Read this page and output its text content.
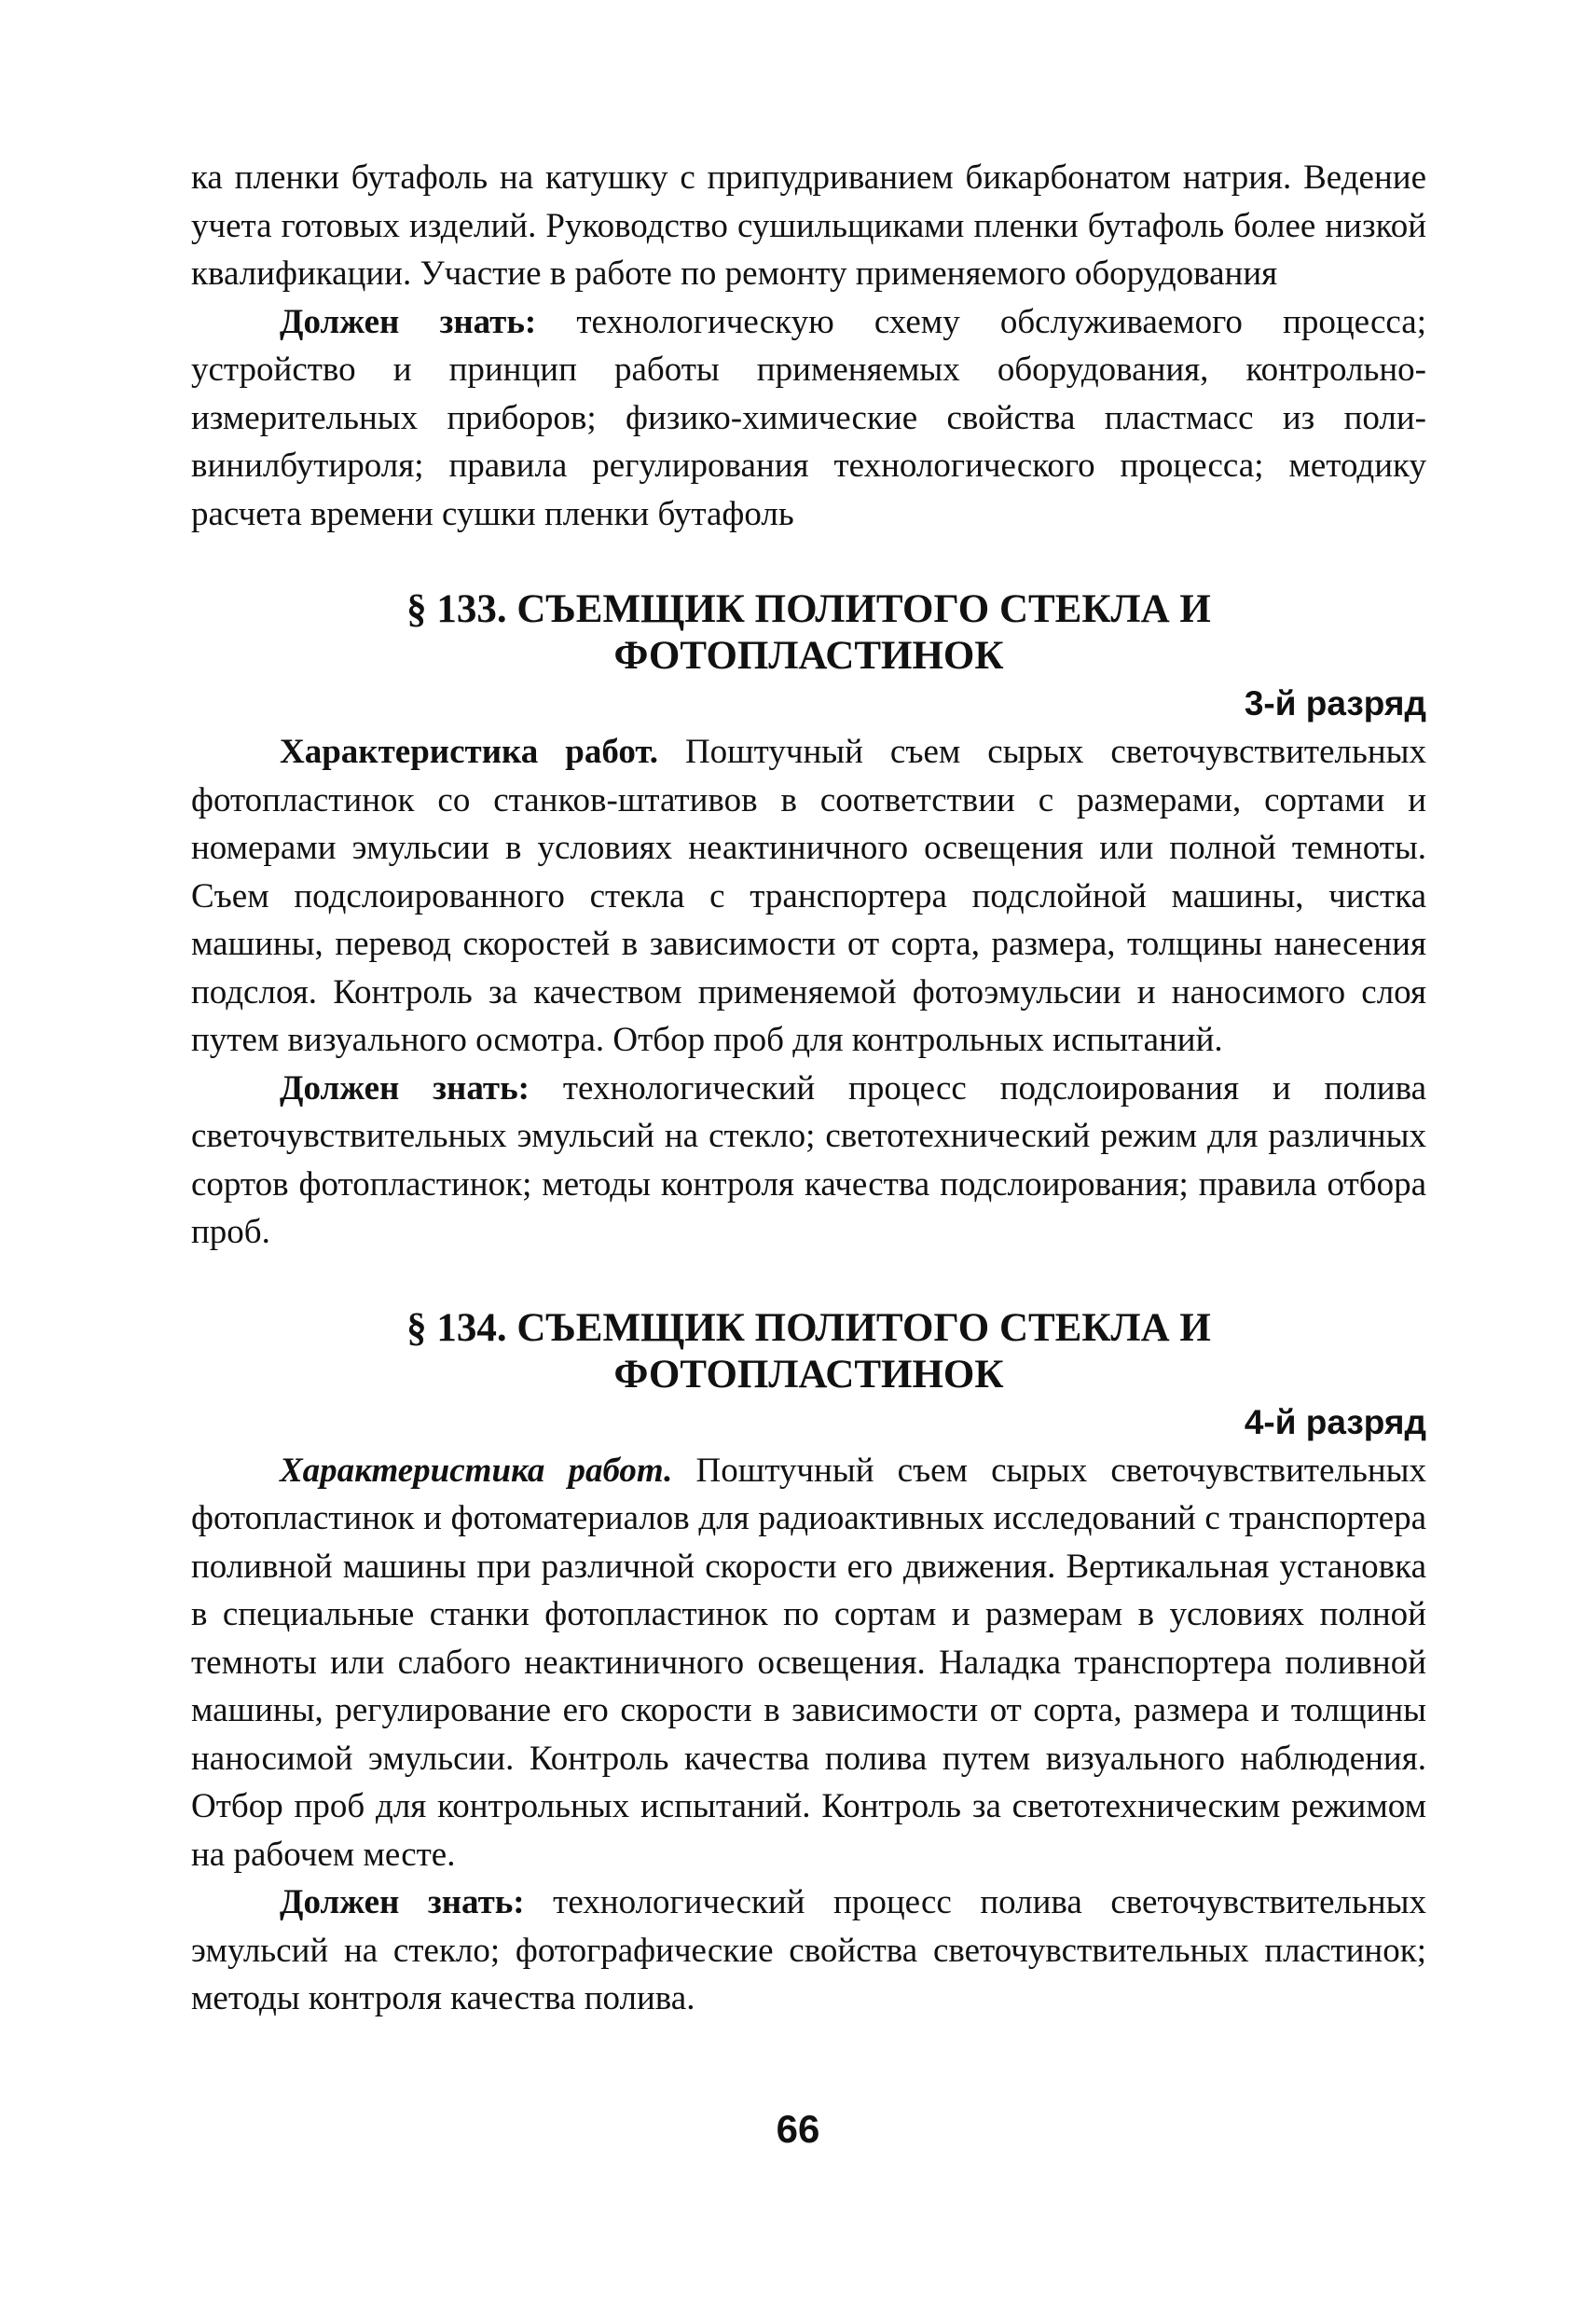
ка пленки бутафоль на катушку с припудриванием бикарбонатом натрия. Ведение учета готовых изделий. Руководство сушильщиками пленки бутафоль более низкой квалификации. Участие в работе по ремонту применяемого оборудования

Должен знать: технологическую схему обслуживаемого процесса; устройство и принцип работы применяемых оборудования, контрольно-измерительных приборов; физико-химические свойства пластмасс из поливинилбутироля; правила регулирования технологического процесса; методику расчета времени сушки пленки бутафоль

§ 133. СЪЕМЩИК ПОЛИТОГО СТЕКЛА И
ФОТОПЛАСТИНОК
3-й разряд

Характеристика работ. Поштучный съем сырых светочувствительных фотопластинок со станков-штативов в соответствии с размерами, сортами и номерами эмульсии в условиях неактиничного освещения или полной темноты. Съем подслоированного стекла с транспортера подслойной машины, чистка машины, перевод скоростей в зависимости от сорта, размера, толщины нанесения подслоя. Контроль за качеством применяемой фотоэмульсии и наносимого слоя путем визуального осмотра. Отбор проб для контрольных испытаний.

Должен знать: технологический процесс подслоирования и полива светочувствительных эмульсий на стекло; светотехнический режим для различных сортов фотопластинок; методы контроля качества подслоирования; правила отбора проб.

§ 134. СЪЕМЩИК ПОЛИТОГО СТЕКЛА И
ФОТОПЛАСТИНОК
4-й разряд

Характеристика работ. Поштучный съем сырых светочувствительных фотопластинок и фотоматериалов для радиоактивных исследований с транспортера поливной машины при различной скорости его движения. Вертикальная установка в специальные станки фотопластинок по сортам и размерам в условиях полной темноты или слабого неактиничного освещения. Наладка транспортера поливной машины, регулирование его скорости в зависимости от сорта, размера и толщины наносимой эмульсии. Контроль качества полива путем визуального наблюдения. Отбор проб для контрольных испытаний. Контроль за светотехническим режимом на рабочем месте.

Должен знать: технологический процесс полива светочувствительных эмульсий на стекло; фотографические свойства светочувствительных пластинок; методы контроля качества полива.

66
